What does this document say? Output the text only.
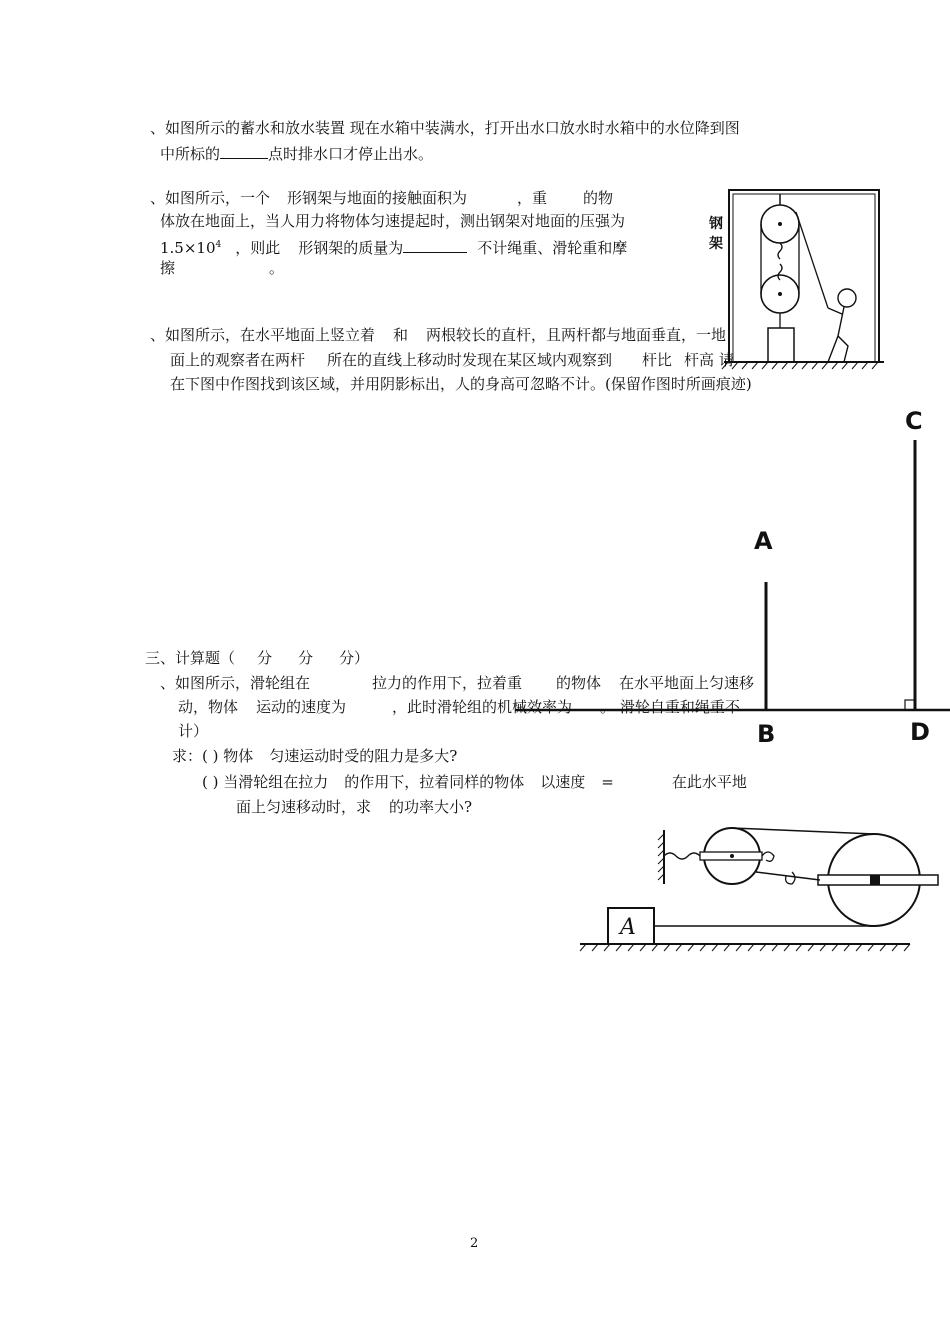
、如图所示的蓄水和放水装置 现在水箱中装满水，打开出水口放水时水箱中的水位降到图
中所标的	点时排水口才停止出水。
、如图所示，一个 形钢架与地面的接触面积为	，重 的物
体放在地面上，当人用力将物体匀速提起时，测出钢架对地面的压强为
$1.5\times 10^4$ ，则此 形钢架的质量为	不计绳重、滑轮重和摩
擦	。
钢架
、如图所示，在水平地面上竖立着 和 两根较长的直杆，且两杆都与地面垂直，一地
面上的观察者在两杆 所在的直线上移动时发现在某区域内观察到 杆比 杆高 请
在下图中作图找到该区域，并用阴影标出，人的身高可忽略不计。(保留作图时所画痕迹)
A
B
C
D
三、计算题（ 分 分 分）
、如图所示，滑轮组在	拉力的作用下，拉着重 的物体 在水平地面上匀速移
动，物体 运动的速度为	，此时滑轮组的机械效率为 。 滑轮自重和绳重不
计）
求：( ) 物体 匀速运动时受的阻力是多大?
( ) 当滑轮组在拉力 的作用下，拉着同样的物体 以速度 =	在此水平地
面上匀速移动时，求 的功率大小?
A
2
